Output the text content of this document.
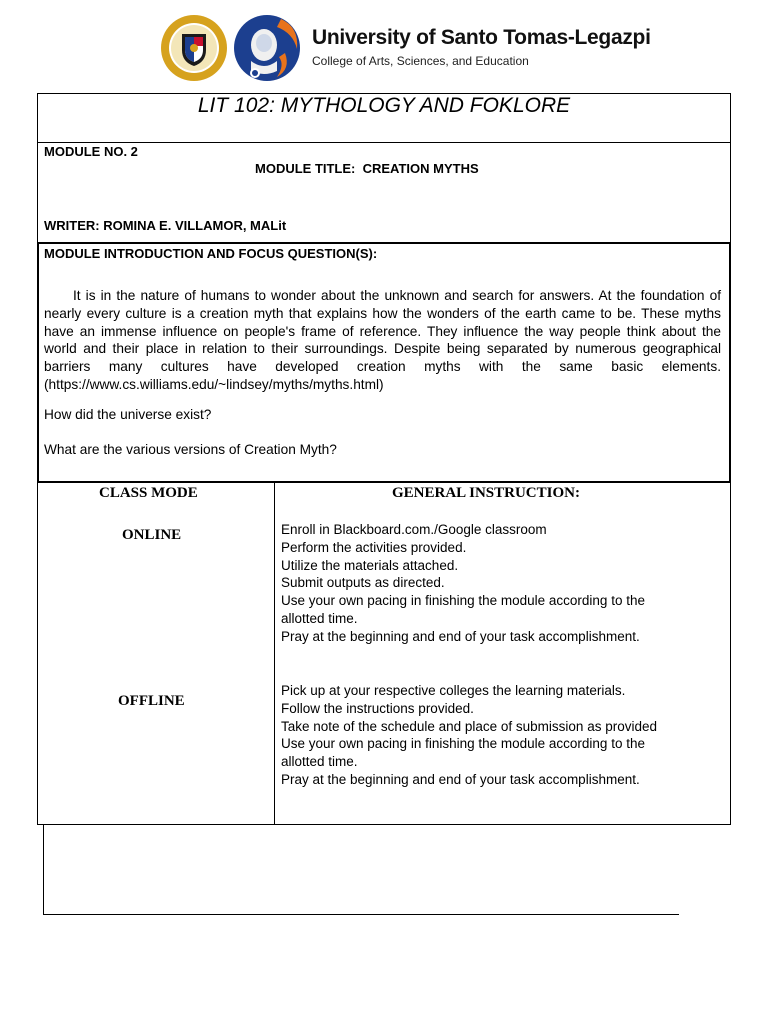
University of Santo Tomas-Legazpi
College of Arts, Sciences, and Education
LIT 102: MYTHOLOGY AND FOKLORE
MODULE NO. 2
MODULE TITLE:  CREATION MYTHS
WRITER: ROMINA E. VILLAMOR, MALit
MODULE INTRODUCTION AND FOCUS QUESTION(S):
It is in the nature of humans to wonder about the unknown and search for answers. At the foundation of nearly every culture is a creation myth that explains how the wonders of the earth came to be. These myths have an immense influence on people's frame of reference. They influence the way people think about the world and their place in relation to their surroundings. Despite being separated by numerous geographical barriers many cultures have developed creation myths with the same basic elements. (https://www.cs.williams.edu/~lindsey/myths/myths.html)
How did the universe exist?
What are the various versions of Creation Myth?
CLASS MODE	GENERAL INSTRUCTION:
ONLINE	Enroll in Blackboard.com./Google classroom
Perform the activities provided.
Utilize the materials attached.
Submit outputs as directed.
Use your own pacing in finishing the module according to the
allotted time.
Pray at the beginning and end of your task accomplishment.
OFFLINE
Pick up at your respective colleges the learning materials.
Follow the instructions provided.
Take note of the schedule and place of submission as provided
Use your own pacing in finishing the module according to the
allotted time.
Pray at the beginning and end of your task accomplishment.
